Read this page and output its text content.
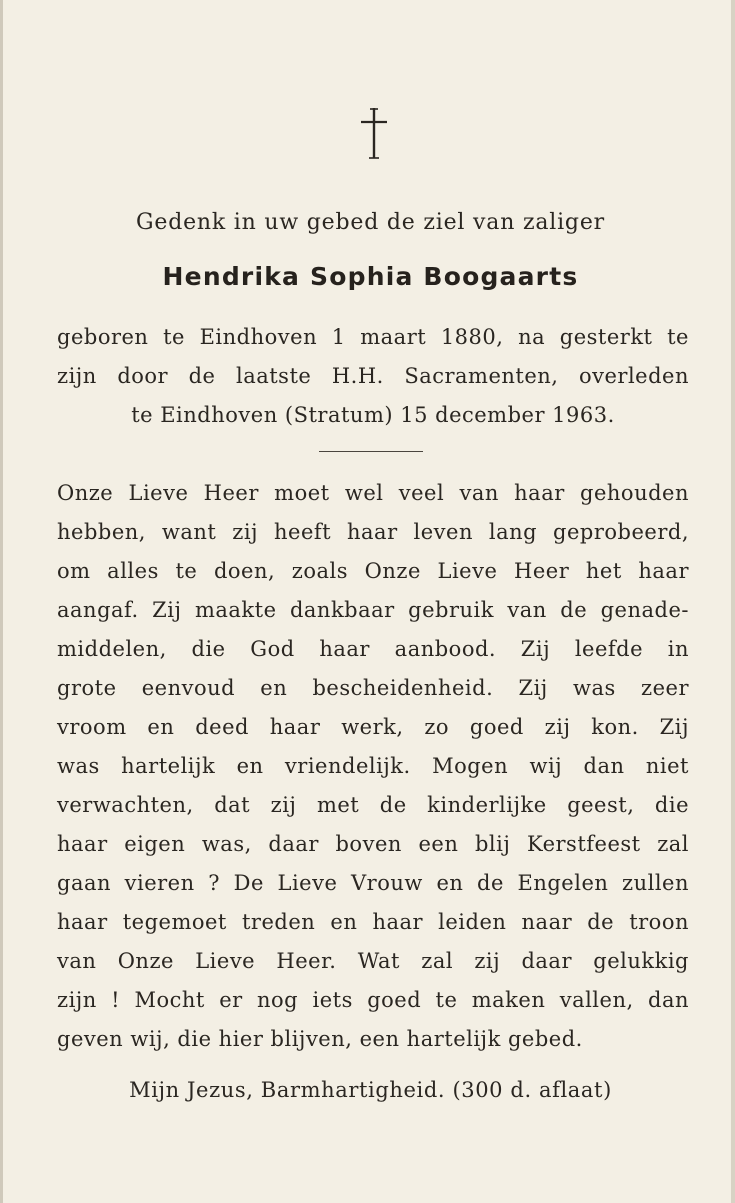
Gedenk in uw gebed de ziel van zaliger
Hendrika Sophia Boogaarts
geboren te Eindhoven 1 maart 1880, na gesterkt te
zijn door de laatste H.H. Sacramenten, overleden
te Eindhoven (Stratum) 15 december 1963.
Onze Lieve Heer moet wel veel van haar gehouden
hebben, want zij heeft haar leven lang geprobeerd,
om alles te doen, zoals Onze Lieve Heer het haar
aangaf. Zij maakte dankbaar gebruik van de genade-
middelen, die God haar aanbood. Zij leefde in
grote eenvoud en bescheidenheid. Zij was zeer
vroom en deed haar werk, zo goed zij kon. Zij
was hartelijk en vriendelijk. Mogen wij dan niet
verwachten, dat zij met de kinderlijke geest, die
haar eigen was, daar boven een blij Kerstfeest zal
gaan vieren ? De Lieve Vrouw en de Engelen zullen
haar tegemoet treden en haar leiden naar de troon
van Onze Lieve Heer. Wat zal zij daar gelukkig
zijn ! Mocht er nog iets goed te maken vallen, dan
geven wij, die hier blijven, een hartelijk gebed.
Mijn Jezus, Barmhartigheid. (300 d. aflaat)
